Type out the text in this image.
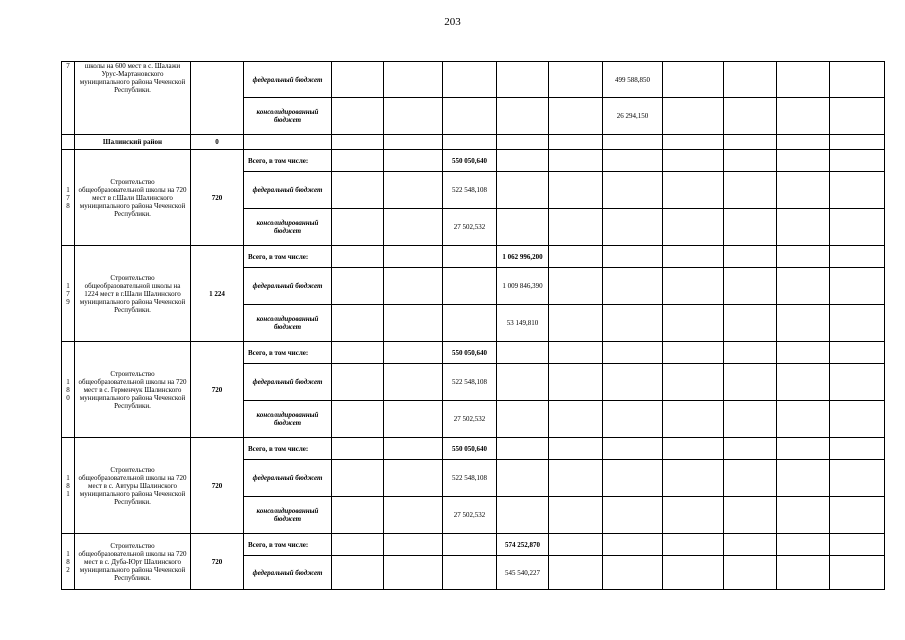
203
7	школы на 600 мест в с. Шалажи Урус-Мартановского муниципального района Чеченской Республики.		федеральный бюджет						499 588,850				
			консолидированный бюджет						26 294,150				
	Шалинский район	0											

1
7
8	Строительство общеобразовательной школы на 720 мест в г.Шали Шалинского муниципального района Чеченской Республики.	720	Всего, в том числе:			550 050,640							
			федеральный бюджет			522 548,108							
			консолидированный бюджет			27 502,532							

1
7
9	Строительство общеобразовательной школы на 1224 мест в г.Шали Шалинского муниципального района Чеченской Республики.	1 224	Всего, в том числе:				1 062 996,200						
			федеральный бюджет				1 009 846,390						
			консолидированный бюджет				53 149,810						

1
8
0	Строительство общеобразовательной школы на 720 мест в с. Герменчук Шалинского муниципального района Чеченской Республики.	720	Всего, в том числе:			550 050,640							
			федеральный бюджет			522 548,108							
			консолидированный бюджет			27 502,532							

1
8
1	Строительство общеобразовательной школы на 720 мест в с. Автуры Шалинского муниципального района Чеченской Республики.	720	Всего, в том числе:			550 050,640							
			федеральный бюджет			522 548,108							
			консолидированный бюджет			27 502,532							

1
8
2	Строительство общеобразовательной школы на 720 мест в с. Дуба-Юрт Шалинского муниципального района Чеченской Республики.	720	Всего, в том числе:				574 252,870						
			федеральный бюджет				545 540,227						
